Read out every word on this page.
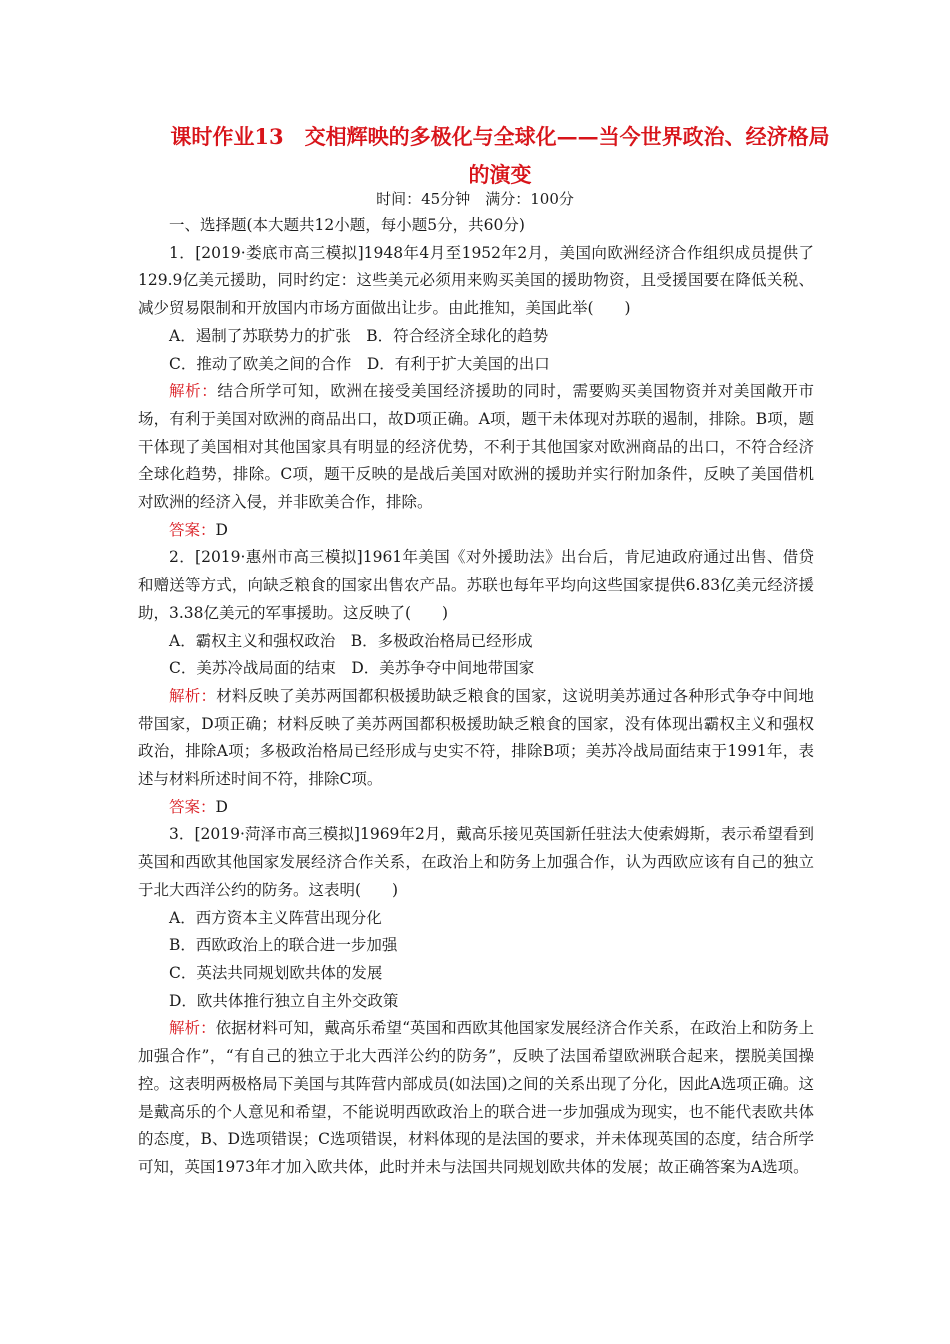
课时作业13　交相辉映的多极化与全球化——当今世界政治、经济格局的演变
时间：45分钟　满分：100分

一、选择题(本大题共12小题，每小题5分，共60分)

1．[2019·娄底市高三模拟]1948年4月至1952年2月，美国向欧洲经济合作组织成员提供了129.9亿美元援助，同时约定：这些美元必须用来购买美国的援助物资，且受援国要在降低关税、减少贸易限制和开放国内市场方面做出让步。由此推知，美国此举(　　)

A．遏制了苏联势力的扩张　B．符合经济全球化的趋势

C．推动了欧美之间的合作　D．有利于扩大美国的出口

解析：结合所学可知，欧洲在接受美国经济援助的同时，需要购买美国物资并对美国敞开市场，有利于美国对欧洲的商品出口，故D项正确。A项，题干未体现对苏联的遏制，排除。B项，题干体现了美国相对其他国家具有明显的经济优势，不利于其他国家对欧洲商品的出口，不符合经济全球化趋势，排除。C项，题干反映的是战后美国对欧洲的援助并实行附加条件，反映了美国借机对欧洲的经济入侵，并非欧美合作，排除。

答案：D

2．[2019·惠州市高三模拟]1961年美国《对外援助法》出台后，肯尼迪政府通过出售、借贷和赠送等方式，向缺乏粮食的国家出售农产品。苏联也每年平均向这些国家提供6.83亿美元经济援助，3.38亿美元的军事援助。这反映了(　　)

A．霸权主义和强权政治　B．多极政治格局已经形成

C．美苏冷战局面的结束　D．美苏争夺中间地带国家

解析：材料反映了美苏两国都积极援助缺乏粮食的国家，这说明美苏通过各种形式争夺中间地带国家，D项正确；材料反映了美苏两国都积极援助缺乏粮食的国家，没有体现出霸权主义和强权政治，排除A项；多极政治格局已经形成与史实不符，排除B项；美苏冷战局面结束于1991年，表述与材料所述时间不符，排除C项。

答案：D

3．[2019·菏泽市高三模拟]1969年2月，戴高乐接见英国新任驻法大使索姆斯，表示希望看到英国和西欧其他国家发展经济合作关系，在政治上和防务上加强合作，认为西欧应该有自己的独立于北大西洋公约的防务。这表明(　　)

A．西方资本主义阵营出现分化

B．西欧政治上的联合进一步加强

C．英法共同规划欧共体的发展

D．欧共体推行独立自主外交政策

解析：依据材料可知，戴高乐希望“英国和西欧其他国家发展经济合作关系，在政治上和防务上加强合作”，“有自己的独立于北大西洋公约的防务”，反映了法国希望欧洲联合起来，摆脱美国操控。这表明两极格局下美国与其阵营内部成员(如法国)之间的关系出现了分化，因此A选项正确。这是戴高乐的个人意见和希望，不能说明西欧政治上的联合进一步加强成为现实，也不能代表欧共体的态度，B、D选项错误；C选项错误，材料体现的是法国的要求，并未体现英国的态度，结合所学可知，英国1973年才加入欧共体，此时并未与法国共同规划欧共体的发展；故正确答案为A选项。
